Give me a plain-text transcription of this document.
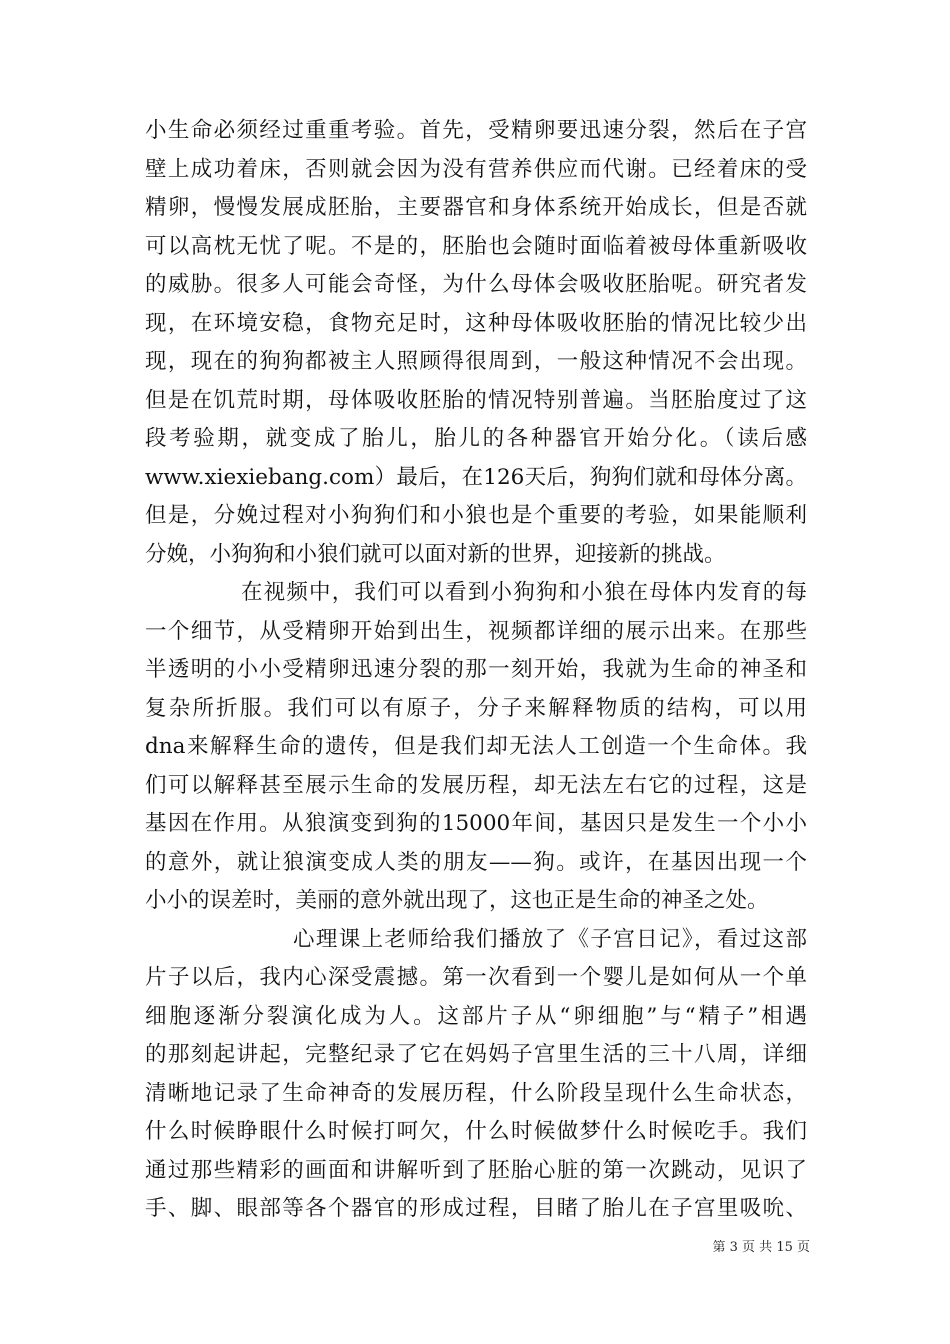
小生命必须经过重重考验。首先，受精卵要迅速分裂，然后在子宫
壁上成功着床，否则就会因为没有营养供应而代谢。已经着床的受
精卵，慢慢发展成胚胎，主要器官和身体系统开始成长，但是否就
可以高枕无忧了呢。不是的，胚胎也会随时面临着被母体重新吸收
的威胁。很多人可能会奇怪，为什么母体会吸收胚胎呢。研究者发
现，在环境安稳，食物充足时，这种母体吸收胚胎的情况比较少出
现，现在的狗狗都被主人照顾得很周到，一般这种情况不会出现。
但是在饥荒时期，母体吸收胚胎的情况特别普遍。当胚胎度过了这
段考验期，就变成了胎儿，胎儿的各种器官开始分化。（读后感
www.xiexiebang.com）最后，在126天后，狗狗们就和母体分离。
但是，分娩过程对小狗狗们和小狼也是个重要的考验，如果能顺利
分娩，小狗狗和小狼们就可以面对新的世界，迎接新的挑战。
在视频中，我们可以看到小狗狗和小狼在母体内发育的每
一个细节，从受精卵开始到出生，视频都详细的展示出来。在那些
半透明的小小受精卵迅速分裂的那一刻开始，我就为生命的神圣和
复杂所折服。我们可以有原子，分子来解释物质的结构，可以用
dna来解释生命的遗传，但是我们却无法人工创造一个生命体。我
们可以解释甚至展示生命的发展历程，却无法左右它的过程，这是
基因在作用。从狼演变到狗的15000年间，基因只是发生一个小小
的意外，就让狼演变成人类的朋友——狗。或许，在基因出现一个
小小的误差时，美丽的意外就出现了，这也正是生命的神圣之处。
心理课上老师给我们播放了《子宫日记》，看过这部
片子以后，我内心深受震撼。第一次看到一个婴儿是如何从一个单
细胞逐渐分裂演化成为人。这部片子从“卵细胞”与“精子”相遇
的那刻起讲起，完整纪录了它在妈妈子宫里生活的三十八周，详细
清晰地记录了生命神奇的发展历程，什么阶段呈现什么生命状态，
什么时候睁眼什么时候打呵欠，什么时候做梦什么时候吃手。我们
通过那些精彩的画面和讲解听到了胚胎心脏的第一次跳动，见识了
手、脚、眼部等各个器官的形成过程，目睹了胎儿在子宫里吸吮、
第 3 页 共 15 页
